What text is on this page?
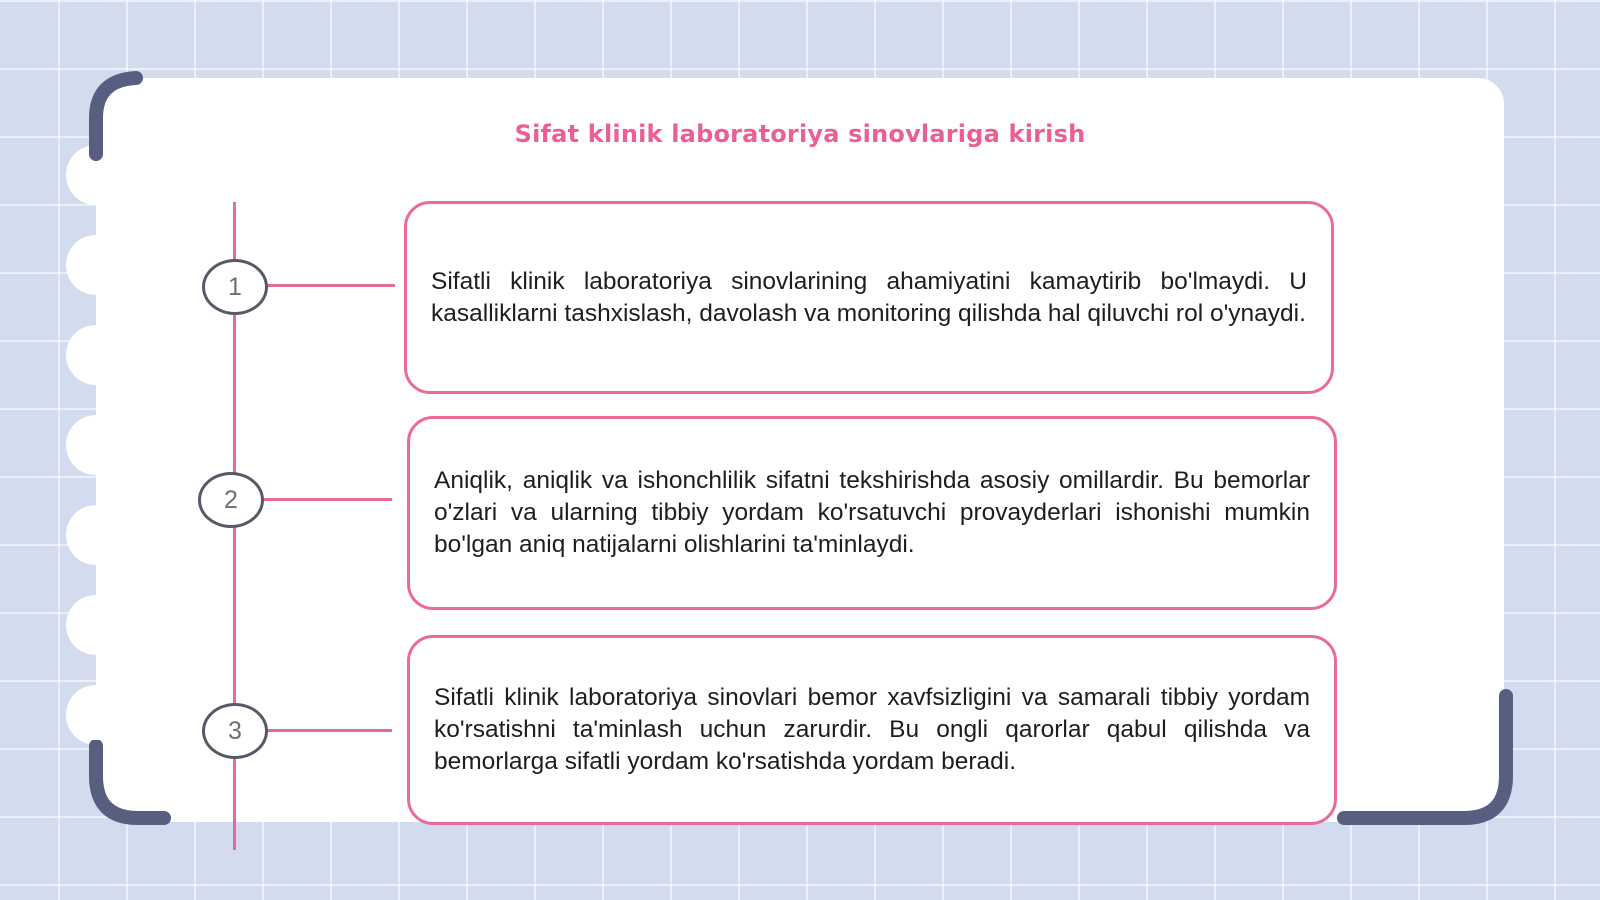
Sifat klinik laboratoriya sinovlariga kirish
1	Sifatli klinik laboratoriya sinovlarining ahamiyatini kamaytirib bo'lmaydi. U kasalliklarni tashxislash, davolash va monitoring qilishda hal qiluvchi rol o'ynaydi.

2

Aniqlik, aniqlik va ishonchlilik sifatni tekshirishda asosiy omillardir. Bu bemorlar o'zlari va ularning tibbiy yordam ko'rsatuvchi provayderlari ishonishi mumkin bo'lgan aniq natijalarni olishlarini ta'minlaydi.

3

Sifatli klinik laboratoriya sinovlari bemor xavfsizligini va samarali tibbiy yordam ko'rsatishni ta'minlash uchun zarurdir. Bu ongli qarorlar qabul qilishda va bemorlarga sifatli yordam ko'rsatishda yordam beradi.
